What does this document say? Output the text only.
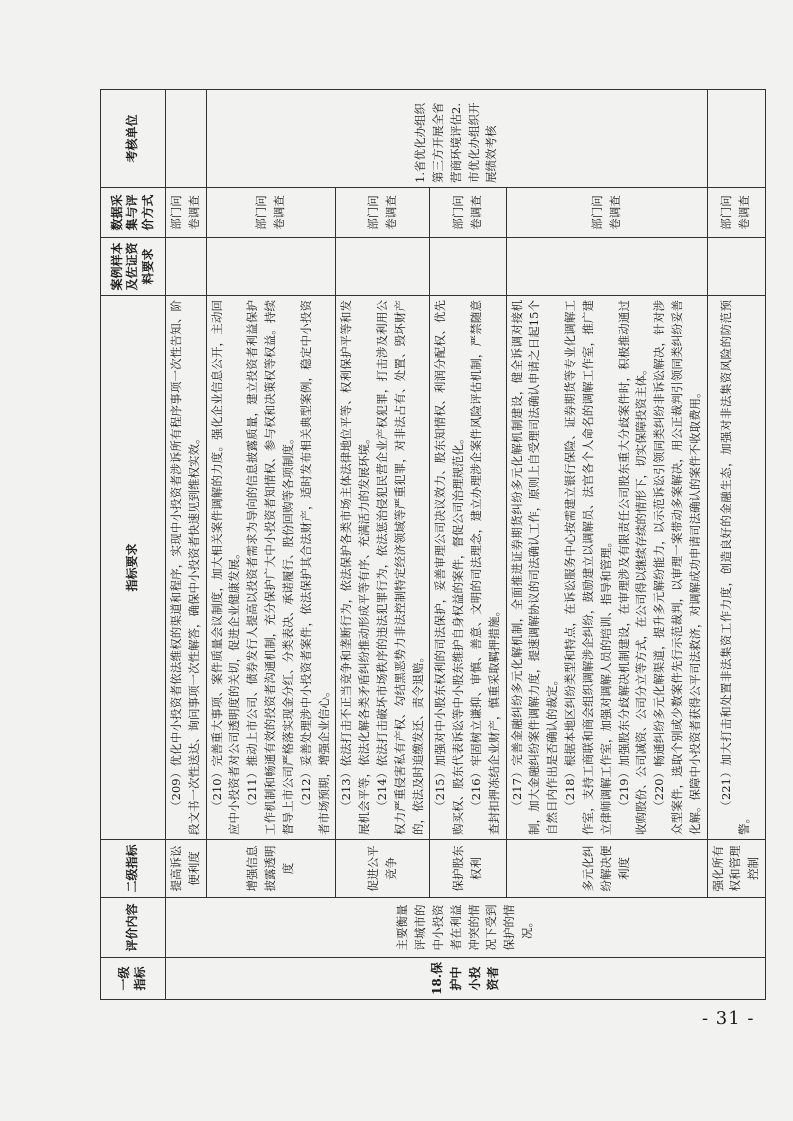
一级指标	评价内容	二级指标	指标要求	案例样本及佐证资料要求	数据采集与评价方式	考核单位
18.保护中小投资者	主要衡量评城市的中小投资者在利益冲突的情况下受到保护的情况。	提高诉讼便利度	（209）优化中小投资者依法维权的渠道和程序，实现中小投资者涉诉所有程序事项一次性告知、阶段文书一次性送达、询问事项一次性解答，确保中小投资者快速见到维权实效。		部门问卷调查	
		增强信息披露透明度	（210）完善重大事项、案件质量会议制度，加大相关案件调解的力度。强化企业信息公开，主动回应中小投资者对公司透明度的关切，促进企业健康发展。 （211）推动上市公司、债券发行人提高以投资者需求为导向的信息披露质量，建立投资者利益保护工作机制和畅通有效的投资者沟通机制，充分保护广大中小投资者知情权、参与权和决策权等权益。持续督导上市公司严格落实现金分红、分类表决、承诺履行、股份回购等各项制度。 （212）妥善处理涉中小投资者案件，依法保护其合法财产，适时发布相关典型案例，稳定中小投资者市场预期，增强企业信心。		部门问卷调查	1.省优化办组织第三方开展全省营商环境评估2.市优化办组织开展绩效考核
		促进公平竞争	（213）依法打击不正当竞争和垄断行为，依法保护各类市场主体法律地位平等、权利保护平等和发展机会平等，依法化解各类矛盾纠纷推动形成平等有序、充满活力的发展环境。 （214）依法打击破坏市场秩序的违法犯罪行为，依法惩治侵犯民营企业产权犯罪，打击涉及利用公权力严重侵害私有产权、勾结黑恶势力非法控制特定经济领域等严重犯罪，对非法占有、处置、毁坏财产的，依法及时追缴发还、责令退赔。		部门问卷调查	
		保护股东权利	（215）加强对中小股东权利的司法保护，妥善审理公司决议效力、股东知情权、利润分配权、优先购买权、股东代表诉讼等中小股东维护自身权益的案件，督促公司治理规范化。 （216）牢固树立谦抑、审慎、善意、文明的司法理念，建立办理涉企案件风险评估机制，严禁随意查封扣押冻结企业财产，慎重采取羁押措施。		部门问卷调查	
		多元化纠纷解决便利度	（217）完善金融纠纷多元化解机制，全面推进证券期货纠纷多元化解机制建设，健全诉调对接机制，加大金融纠纷案件调解力度，提速调解协议的司法确认工作，原则上自受理司法确认申请之日起15个自然日内作出是否确认的裁定。 （218）根据本地区纠纷类型和特点，在诉讼服务中心按需建立银行保险、证券期货等专业化调解工作室，支持工商联和商会组织调解涉企纠纷，鼓励建立以调解员、法官各个人命名的调解工作室，推广建立律师调解工作室，加强对调解人员的培训、指导和管理。 （219）加强股东分歧解决机制建设，在审理涉及有限责任公司股东重大分歧案件时，积极推动通过收购股份、公司减资、公司分立等方式，在公司得以继续存续的情形下，切实保障投资主体。 （220）畅通纠纷多元化解渠道，提升多元解纷能力，以示范诉讼引领同类纠纷非诉讼解决，针对涉众型案件，选取个别或少数案件先行示范裁判，以审理一案带动多案解决，用公正裁判引领同类纠纷妥善化解。保障中小投资者获得公平司法救济，对调解成功申请司法确认的案件不收取费用。		部门问卷调查	
		强化所有权和管理控制	（221）加大打击和处置非法集资工作力度，创造良好的金融生态，加强对非法集资风险的防范预警。		部门问卷调查	
- 31 -
